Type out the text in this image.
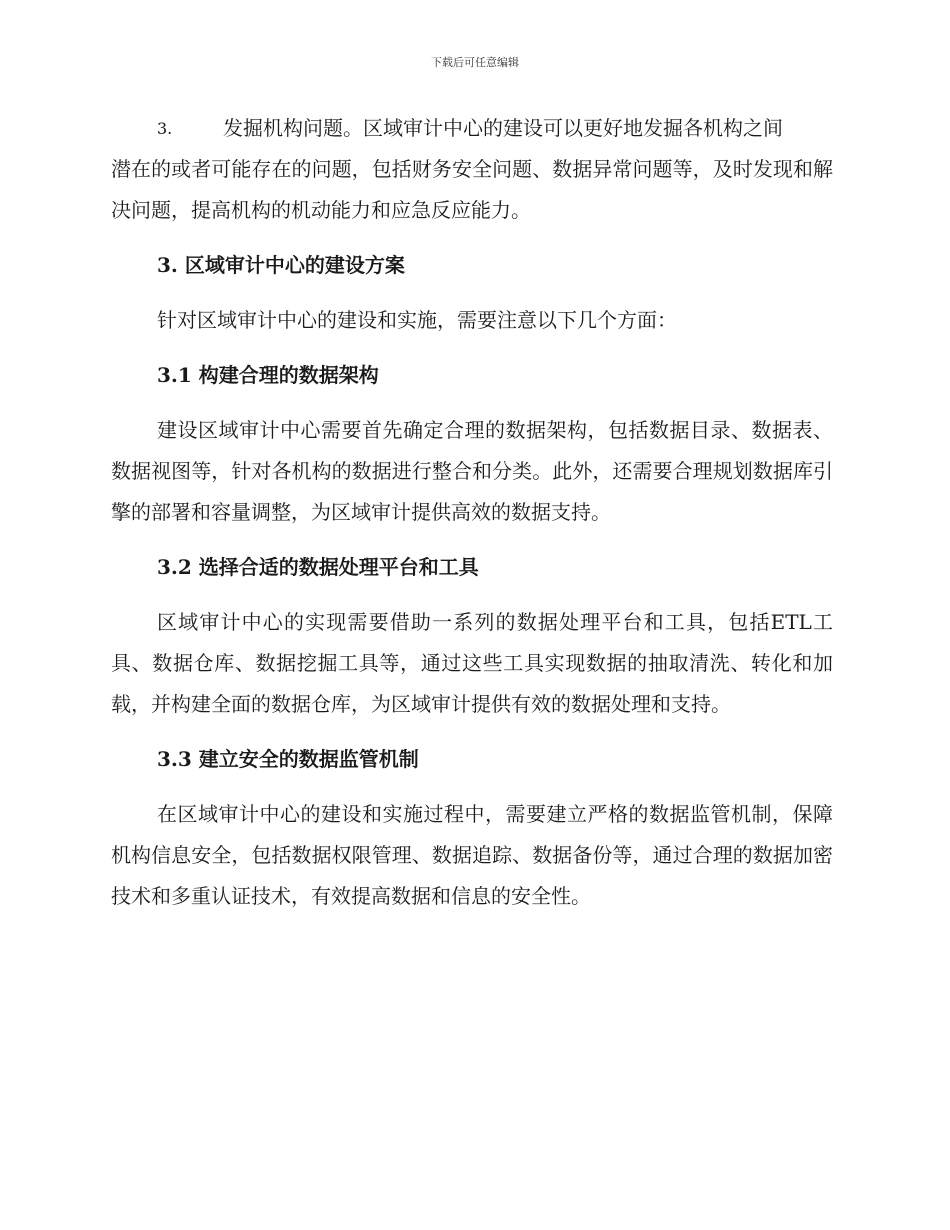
下载后可任意编辑
3.	发掘机构问题。区域审计中心的建设可以更好地发掘各机构之间

潜在的或者可能存在的问题，包括财务安全问题、数据异常问题等，及时发现和解决问题，提高机构的机动能力和应急反应能力。

3. 区域审计中心的建设方案

针对区域审计中心的建设和实施，需要注意以下几个方面：

3.1 构建合理的数据架构

建设区域审计中心需要首先确定合理的数据架构，包括数据目录、数据表、数据视图等，针对各机构的数据进行整合和分类。此外，还需要合理规划数据库引擎的部署和容量调整，为区域审计提供高效的数据支持。

3.2 选择合适的数据处理平台和工具

区域审计中心的实现需要借助一系列的数据处理平台和工具，包括ETL工具、数据仓库、数据挖掘工具等，通过这些工具实现数据的抽取清洗、转化和加载，并构建全面的数据仓库，为区域审计提供有效的数据处理和支持。

3.3 建立安全的数据监管机制

在区域审计中心的建设和实施过程中，需要建立严格的数据监管机制，保障机构信息安全，包括数据权限管理、数据追踪、数据备份等，通过合理的数据加密技术和多重认证技术，有效提高数据和信息的安全性。
